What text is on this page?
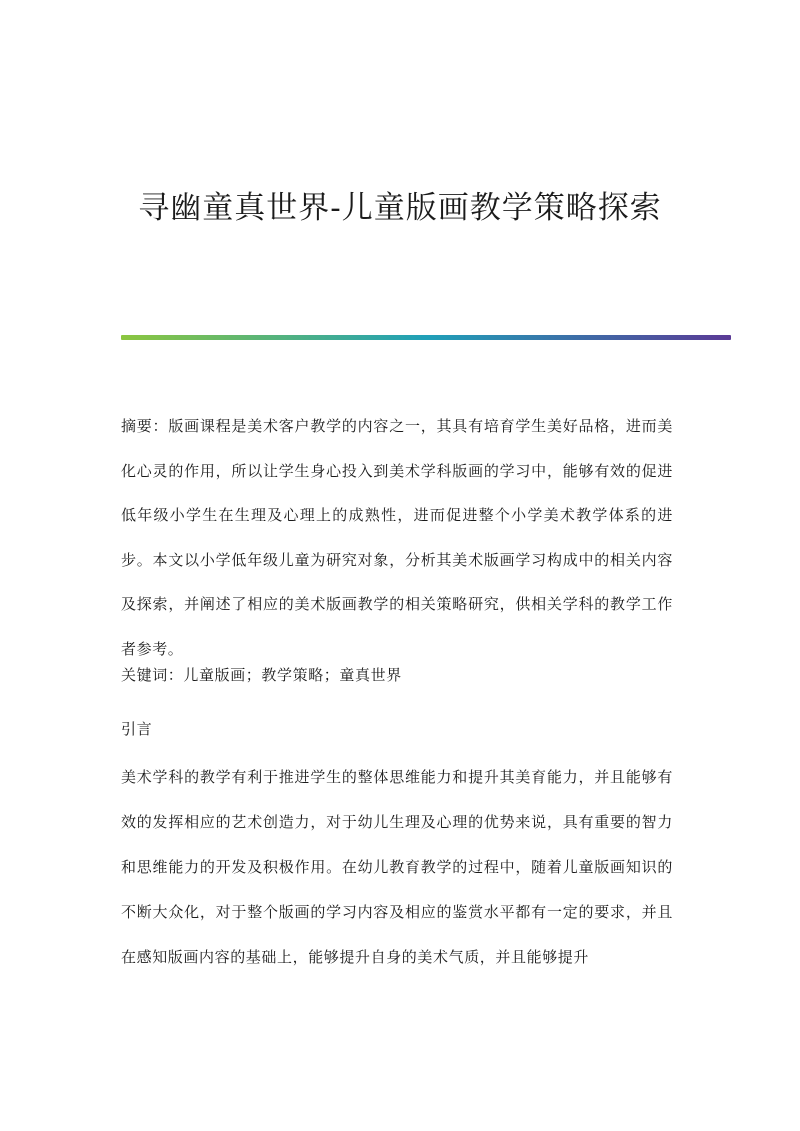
寻幽童真世界-儿童版画教学策略探索

摘要：版画课程是美术客户教学的内容之一，其具有培育学生美好品格，进而美化心灵的作用，所以让学生身心投入到美术学科版画的学习中，能够有效的促进低年级小学生在生理及心理上的成熟性，进而促进整个小学美术教学体系的进步。本文以小学低年级儿童为研究对象，分析其美术版画学习构成中的相关内容及探索，并阐述了相应的美术版画教学的相关策略研究，供相关学科的教学工作者参考。

关键词：儿童版画；教学策略；童真世界

引言

美术学科的教学有利于推进学生的整体思维能力和提升其美育能力，并且能够有效的发挥相应的艺术创造力，对于幼儿生理及心理的优势来说，具有重要的智力和思维能力的开发及积极作用。在幼儿教育教学的过程中，随着儿童版画知识的不断大众化，对于整个版画的学习内容及相应的鉴赏水平都有一定的要求，并且在感知版画内容的基础上，能够提升自身的美术气质，并且能够提升
